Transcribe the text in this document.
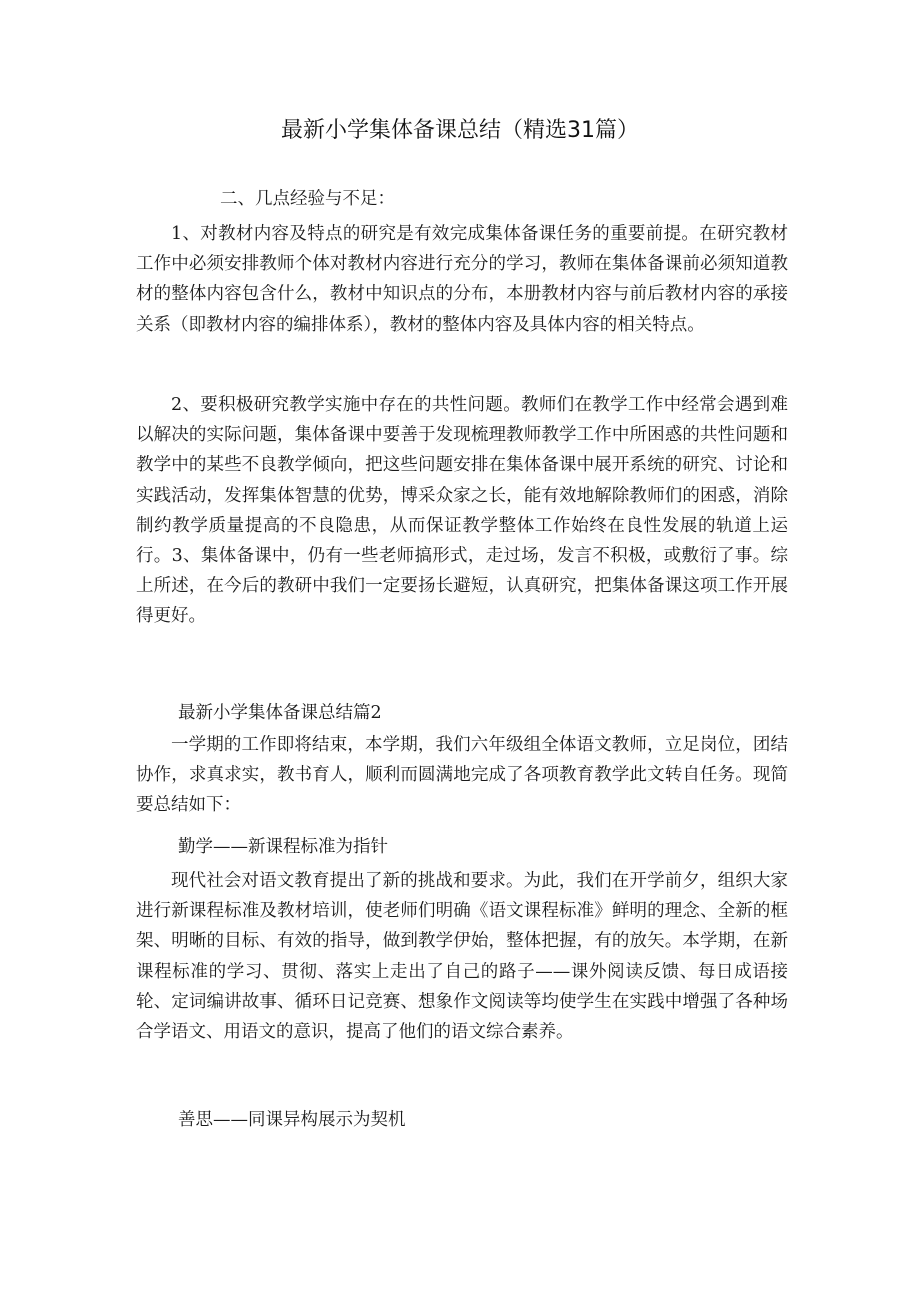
最新小学集体备课总结（精选31篇）

二、几点经验与不足：

1、对教材内容及特点的研究是有效完成集体备课任务的重要前提。在研究教材工作中必须安排教师个体对教材内容进行充分的学习，教师在集体备课前必须知道教材的整体内容包含什么，教材中知识点的分布，本册教材内容与前后教材内容的承接关系（即教材内容的编排体系），教材的整体内容及具体内容的相关特点。

2、要积极研究教学实施中存在的共性问题。教师们在教学工作中经常会遇到难以解决的实际问题，集体备课中要善于发现梳理教师教学工作中所困惑的共性问题和教学中的某些不良教学倾向，把这些问题安排在集体备课中展开系统的研究、讨论和实践活动，发挥集体智慧的优势，博采众家之长，能有效地解除教师们的困惑，消除制约教学质量提高的不良隐患，从而保证教学整体工作始终在良性发展的轨道上运行。3、集体备课中，仍有一些老师搞形式，走过场，发言不积极，或敷衍了事。综上所述，在今后的教研中我们一定要扬长避短，认真研究，把集体备课这项工作开展得更好。

最新小学集体备课总结篇2

一学期的工作即将结束，本学期，我们六年级组全体语文教师，立足岗位，团结协作，求真求实，教书育人，顺利而圆满地完成了各项教育教学此文转自任务。现简要总结如下：

勤学——新课程标准为指针

现代社会对语文教育提出了新的挑战和要求。为此，我们在开学前夕，组织大家进行新课程标准及教材培训，使老师们明确《语文课程标准》鲜明的理念、全新的框架、明晰的目标、有效的指导，做到教学伊始，整体把握，有的放矢。本学期，在新课程标准的学习、贯彻、落实上走出了自己的路子——课外阅读反馈、每日成语接轮、定词编讲故事、循环日记竞赛、想象作文阅读等均使学生在实践中增强了各种场合学语文、用语文的意识，提高了他们的语文综合素养。

善思——同课异构展示为契机
